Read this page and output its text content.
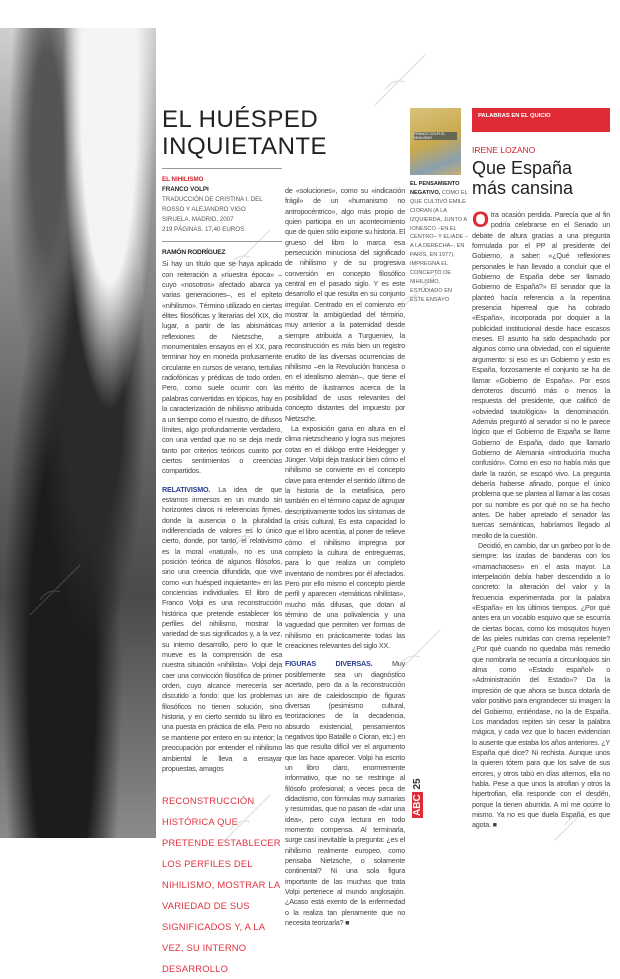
EL HUÉSPED
INQUIETANTE
EL NIHILISMO
FRANCO VOLPI
TRADUCCIÓN DE CRISTINA I. DEL ROSSO Y ALEJANDRO VIGO
SIRUELA. MADRID, 2007
219 PÁGINAS. 17,40 EUROS
RAMÓN RODRÍGUEZ

Si hay un título que se haya aplicado con reiteración a «nuestra época» –cuyo «nosotros» afectado abarca ya varias generaciones–, es el epíteto «nihilismo». Término utilizado en ciertas élites filosóficas y literarias del XIX, dio lugar, a partir de las abismáticas reflexiones de Nietzsche, a monumentales ensayos en el XX, para terminar hoy en moneda profusamente circulante en cursos de verano, tertulias radiofónicas y prédicas de todo orden. Pero, como suele ocurrir con las palabras convertidas en tópicos, hay en la caracterización de nihilismo atribuida a un tiempo como el nuestro, de difusos límites, algo profundamente verdadero, con una verdad que no se deja medir tanto por criterios teóricos cuanto por ciertos sentimientos o creencias compartidos.

RELATIVISMO. La idea de que estamos inmersos en un mundo sin horizontes claros ni referencias firmes, donde la ausencia o la pluralidad indiferenciada de valores es lo único cierto, donde, por tanto, el relativismo es la moral «natural», no es una posición teórica de algunos filósofos, sino una creencia difundida, que vive como «un huésped inquietante» en las conciencias individuales. El libro de Franco Volpi es una reconstrucción histórica que pretende establecer los perfiles del nihilismo, mostrar la variedad de sus significados y, a la vez, su interno desarrollo, pero lo que le mueve es la comprensión de esa nuestra situación «nihilista». Volpi deja caer una convicción filosófica de primer orden, cuyo alcance merecería ser discutido a fondo: que los problemas filosóficos no tienen solución, sino historia, y en cierto sentido su libro es una puesta en práctica de ella. Pero no se mantiene por entero en su interior; la preocupación por entender el nihilismo ambiental le lleva a ensayar propuestas, amagos

RECONSTRUCCIÓN HISTÓRICA QUE PRETENDE ESTABLECER LOS PERFILES DEL NIHILISMO, MOSTRAR LA VARIEDAD DE SUS SIGNIFICADOS Y, A LA VEZ, SU INTERNO DESARROLLO

de «soluciones», como su «indicación frágil» de un «humanismo no antropocéntrico», algo más propio de quien participa en un acontecimiento que de quien sólo expone su historia. El grueso del libro lo marca esa persecución minuciosa del significado de nihilismo y de su progresiva conversión en concepto filosófico central en el pasado siglo. Y es este desarrollo el que resulta en su conjunto irregular. Centrado en el comienzo en mostrar la ambigüedad del término, muy anterior a la paternidad desde siempre atribuida a Turgueniev, la reconstrucción es más bien un registro erudito de las diversas ocurrencias de nihilismo –en la Revolución francesa o en el idealismo alemán–, que tiene el mérito de ilustrarnos acerca de la posibilidad de usos relevantes del concepto distantes del impuesto por Nietzsche.

La exposición gana en altura en el clima nietzscheano y logra sus mejores cotas en el diálogo entre Heidegger y Jünger. Volpi deja traslucir bien cómo el nihilismo se convierte en el concepto clave para entender el sentido último de la historia de la metafísica, pero también en el término capaz de agrupar descriptivamente todos los síntomas de la crisis cultural. Es esta capacidad lo que el libro acentúa, al poner de relieve cómo el nihilismo impregna por completo la cultura de entreguerras, para lo que realiza un completo inventario de nombres por él afectados. Pero por ello mismo el concepto pierde perfil y aparecen «temáticas nihilistas», mucho más difusas, que dotan al término de una polivalencia y una vaguedad que permiten ver formas de nihilismo en prácticamente todas las creaciones relevantes del siglo XX.

FIGURAS DIVERSAS.	Muy posiblemente sea un diagnóstico acertado, pero da a la reconstrucción un aire de caleidoscopio de figuras diversas (pesimismo cultural, teorizaciones de la decadencia, absurdo existencial, pensamientos negativos tipo Bataille o Cioran, etc.) en las que resulta difícil ver el argumento que las hace aparecer. Volpi ha escrito un libro claro, enormemente informativo, que no se restringe al filósofo profesional; a veces peca de didactismo, con fórmulas muy sumarias y resumidas, que no pasan de «dar una idea», pero cuya lectura en todo momento compensa. Al terminarla, surge casi inevitable la pregunta: ¿es el nihilismo realmente europeo, como pensaba Nietzsche, o solamente continental? Ni una sola figura importante de las muchas que trata Volpi pertenece al mundo anglosajón. ¿Acaso está exento de la enfermedad o la realiza tan plenamente que no necesita teorizarla? ■

FRANCO VOLPI EL NIHILISMO
EL PENSAMIENTO NEGATIVO, COMO EL QUE CULTIVÓ EMILE CIORAN (A LA IZQUIERDA, JUNTO A IONESCO –EN EL CENTRO– Y ELIADE –A LA DERECHA–, EN PARÍS, EN 1977), IMPREGNA EL CONCEPTO DE NIHILISMO, ESTUDIADO EN ESTE ENSAYO
PALABRAS EN EL QUICIO
IRENE LOZANO
Que España más cansina

Otra ocasión perdida. Parecía que al fin podría celebrarse en el Senado un debate de altura gracias a una pregunta formulada por el PP al presidente del Gobierno, a saber: «¿Qué reflexiones personales le han llevado a concluir que el Gobierno de España debe ser llamado Gobierno de España?» El senador que la planteó hacía referencia a la repentina presencia hiperreal que ha cobrado «España», incorporada por doquier a la publicidad institucional desde hace escasos meses. El asunto ha sido despachado por algunos como una obviedad, con el siguiente argumento: si eso es un Gobierno y esto es España, forzosamente el conjunto se ha de llamar «Gobierno de España». Por esos derroteros discurrió más o menos la respuesta del presidente, que calificó de «obviedad tautológica» la denominación. Además preguntó al senador si no le parece lógico que el Gobierno de España se llame Gobierno de España, dado que llamarlo Gobierno de Alemania «introduciría mucha confusión». Como en eso no había más que darle la razón, se escapó vivo. La pregunta debería haberse afinado, porque el único problema que se plantea al llamar a las cosas por su nombre es por qué no se ha hecho antes. De haber apretado el senador las tuercas semánticas, habríamos llegado al meollo de la cuestión.

Decidió, en cambio, dar un garbeo por lo de siempre: las izadas de banderas con los «mamachaoses» en el asta mayor. La interpelación debía haber descendido a lo concreto: la alteración del valor y la frecuencia experimentada por la palabra «España» en los últimos tiempos. ¿Por qué antes era un vocablo esquivo que se escurría de ciertas bocas, como los mosquitos huyen de las pieles nutridas con crema repelente? ¿Por qué cuando no quedaba más remedio que nombrarla se recurría a circunloquios sin alma como «Estado español» o «Administración del Estado»? Da la impresión de que ahora se busca dotarla de valor positivo para engrandecer su imagen: la del Gobierno, entiéndase, no la de España. Los mandados repiten sin cesar la palabra mágica, y cada vez que lo hacen evidencian lo ausente que estaba los años anteriores. ¿Y España qué dice? Ni rechista. Aunque unos la quieren tótem para que los salve de sus errores, y otros tabú en días alternos, ella no habla. Pese a que unos la atrofian y otros la hipertrofian, ella responde con el desdén, porque la tienen aburrida. A mí me ocurre lo mismo. Ya no es que duela España, es que agota. ■

ABC 25
